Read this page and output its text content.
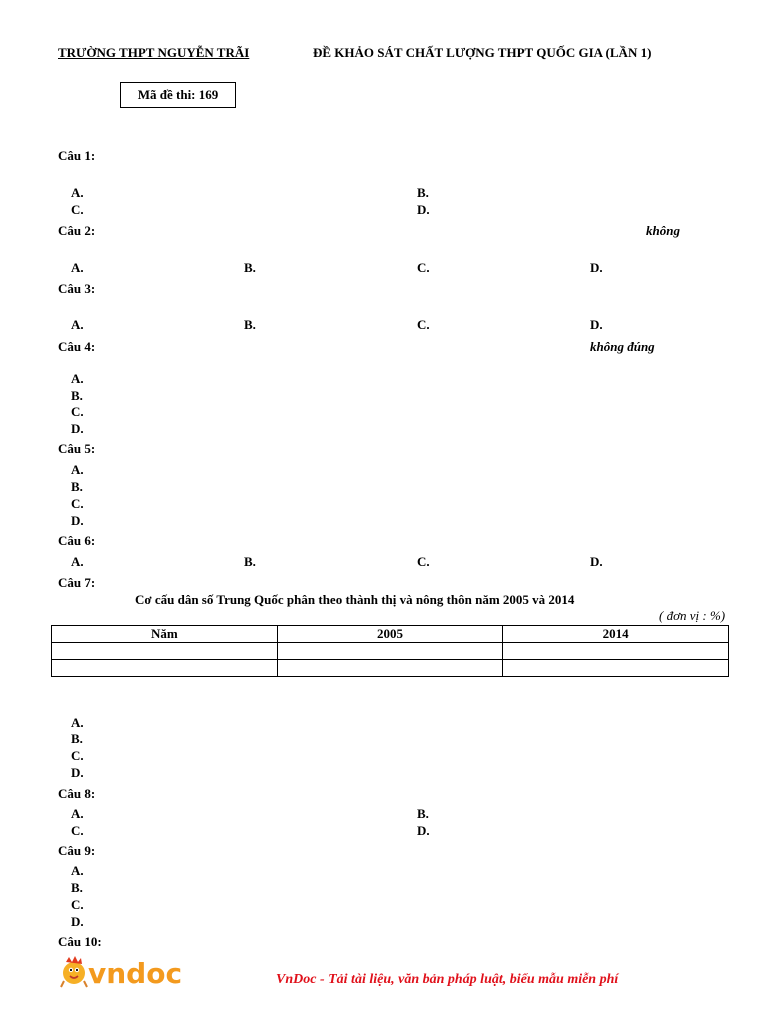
TRƯỜNG THPT NGUYỄN TRÃI	ĐỀ KHẢO SÁT CHẤT LƯỢNG THPT QUỐC GIA (LẦN 1)
Mã đề thi: 169
Câu 1:
A.	B.
C.	D.
Câu 2:	không
A.	B.	C.	D.
Câu 3:
A.	B.	C.	D.
Câu 4:	không đúng
A.
B.
C.
D.
Câu 5:
A.
B.
C.
D.
Câu 6:
A.	B.	C.	D.
Câu 7:
Cơ cấu dân số Trung Quốc phân theo thành thị và nông thôn năm 2005 và 2014
( đơn vị : %)
Năm	2005	2014

A.
B.
C.
D.
Câu 8:
A.	B.
C.	D.
Câu 9:
A.
B.
C.
D.
Câu 10:
vndoc	VnDoc - Tải tài liệu, văn bản pháp luật, biểu mẫu miễn phí
